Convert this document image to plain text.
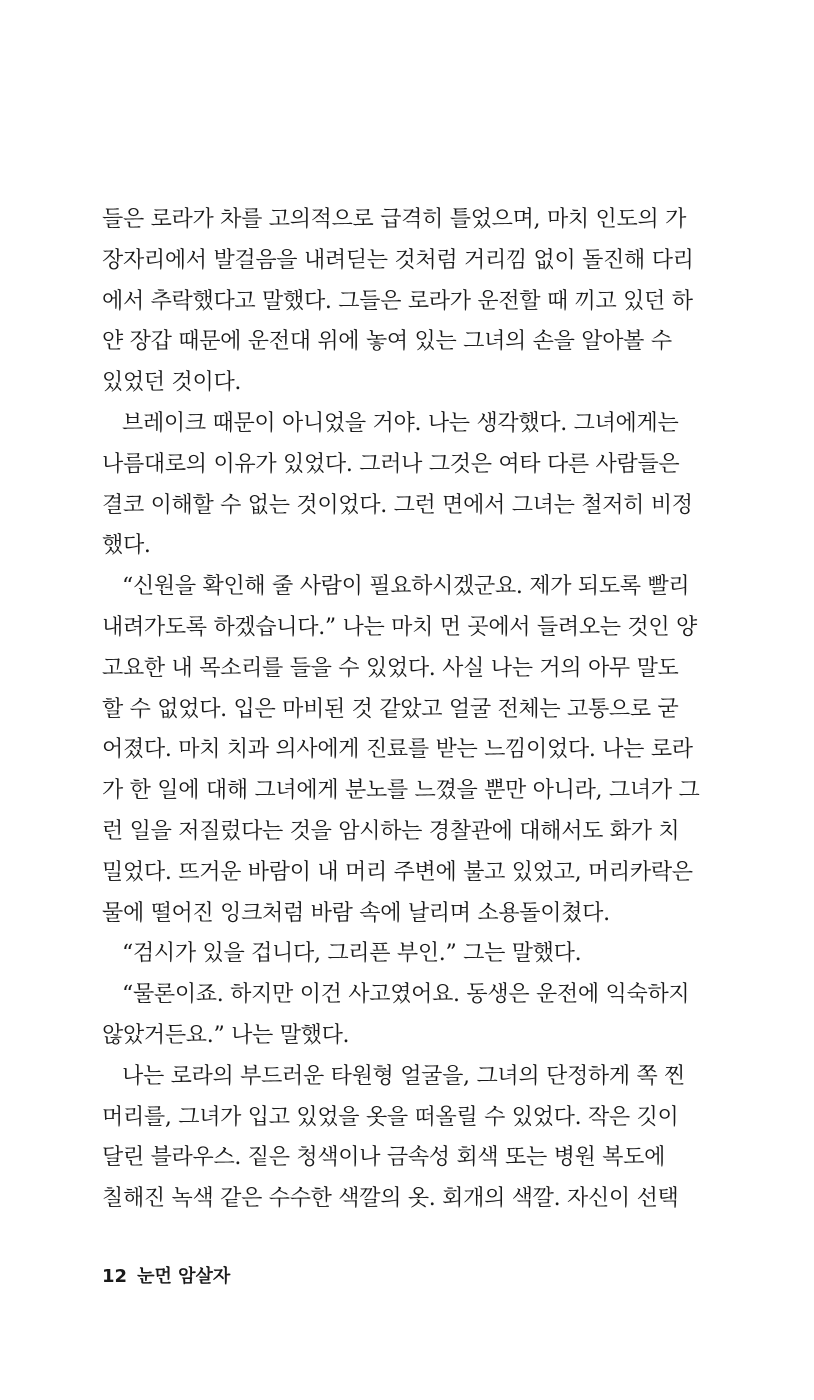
들은 로라가 차를 고의적으로 급격히 틀었으며, 마치 인도의 가

장자리에서 발걸음을 내려딛는 것처럼 거리낌 없이 돌진해 다리

에서 추락했다고 말했다. 그들은 로라가 운전할 때 끼고 있던 하

얀 장갑 때문에 운전대 위에 놓여 있는 그녀의 손을 알아볼 수

있었던 것이다.

브레이크 때문이 아니었을 거야. 나는 생각했다. 그녀에게는

나름대로의 이유가 있었다. 그러나 그것은 여타 다른 사람들은

결코 이해할 수 없는 것이었다. 그런 면에서 그녀는 철저히 비정

했다.

“신원을 확인해 줄 사람이 필요하시겠군요. 제가 되도록 빨리

내려가도록 하겠습니다.” 나는 마치 먼 곳에서 들려오는 것인 양

고요한 내 목소리를 들을 수 있었다. 사실 나는 거의 아무 말도

할 수 없었다. 입은 마비된 것 같았고 얼굴 전체는 고통으로 굳

어졌다. 마치 치과 의사에게 진료를 받는 느낌이었다. 나는 로라

가 한 일에 대해 그녀에게 분노를 느꼈을 뿐만 아니라, 그녀가 그

런 일을 저질렀다는 것을 암시하는 경찰관에 대해서도 화가 치

밀었다. 뜨거운 바람이 내 머리 주변에 불고 있었고, 머리카락은

물에 떨어진 잉크처럼 바람 속에 날리며 소용돌이쳤다.

“검시가 있을 겁니다, 그리픈 부인.” 그는 말했다.

“물론이죠. 하지만 이건 사고였어요. 동생은 운전에 익숙하지

않았거든요.” 나는 말했다.

나는 로라의 부드러운 타원형 얼굴을, 그녀의 단정하게 쪽 찐

머리를, 그녀가 입고 있었을 옷을 떠올릴 수 있었다. 작은 깃이

달린 블라우스. 짙은 청색이나 금속성 회색 또는 병원 복도에

칠해진 녹색 같은 수수한 색깔의 옷. 회개의 색깔. 자신이 선택

12 눈먼 암살자
